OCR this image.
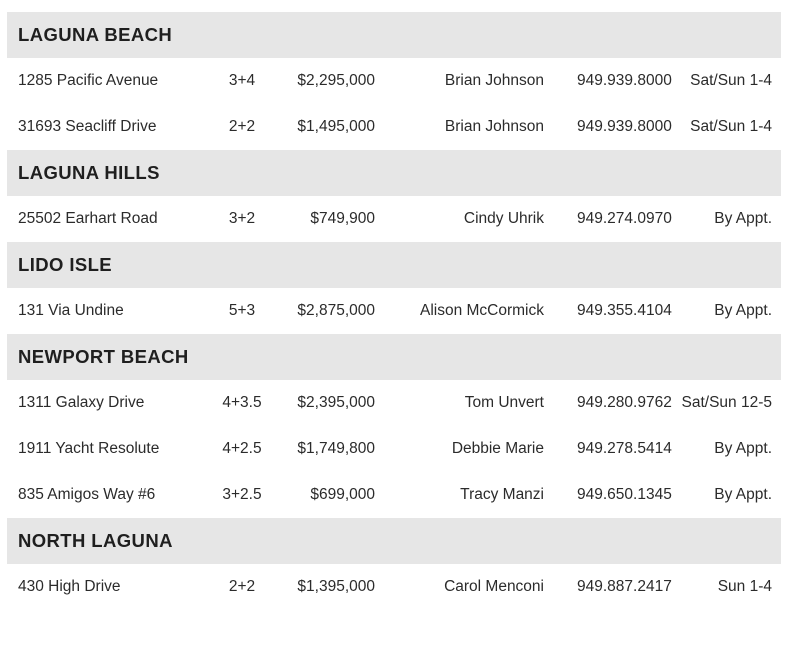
LAGUNA BEACH
1285 Pacific Avenue	3+4	$2,295,000	Brian Johnson 949.939.8000 Sat/Sun 1-4
31693 Seacliff Drive	2+2	$1,495,000	Brian Johnson 949.939.8000 Sat/Sun 1-4
LAGUNA HILLS
25502 Earhart Road	3+2	$749,900	Cindy Uhrik 949.274.0970	By Appt.
LIDO ISLE
131 Via Undine	5+3	$2,875,000	Alison McCormick 949.355.4104	By Appt.
NEWPORT BEACH
1311 Galaxy Drive	4+3.5	$2,395,000	Tom Unvert 949.280.9762 Sat/Sun 12-5
1911 Yacht Resolute	4+2.5	$1,749,800	Debbie Marie 949.278.5414	By Appt.
835 Amigos Way #6	3+2.5	$699,000	Tracy Manzi 949.650.1345	By Appt.
NORTH LAGUNA
430 High Drive	2+2	$1,395,000	Carol Menconi 949.887.2417	Sun 1-4
